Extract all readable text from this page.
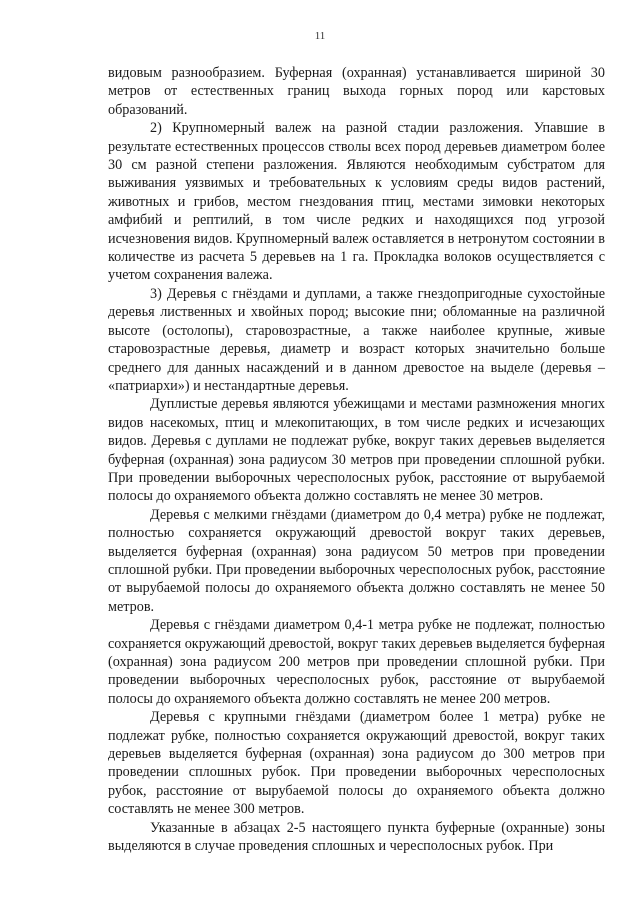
11

видовым разнообразием. Буферная (охранная) устанавливается шириной 30 метров от естественных границ выхода горных пород или карстовых образований.

2) Крупномерный валеж на разной стадии разложения. Упавшие в результате естественных процессов стволы всех пород деревьев диаметром более 30 см разной степени разложения. Являются необходимым субстратом для выживания уязвимых и требовательных к условиям среды видов растений, животных и грибов, местом гнездования птиц, местами зимовки некоторых амфибий и рептилий, в том числе редких и находящихся под угрозой исчезновения видов. Крупномерный валеж оставляется в нетронутом состоянии в количестве из расчета 5 деревьев на 1 га. Прокладка волоков осуществляется с учетом сохранения валежа.

3) Деревья с гнёздами и дуплами, а также гнездопригодные сухостойные деревья лиственных и хвойных пород; высокие пни; обломанные на различной высоте (остолопы), старовозрастные, а также наиболее крупные, живые старовозрастные деревья, диаметр и возраст которых значительно больше среднего для данных насаждений и в данном древостое на выделе (деревья – «патриархи») и нестандартные деревья.

Дуплистые деревья являются убежищами и местами размножения многих видов насекомых, птиц и млекопитающих, в том числе редких и исчезающих видов. Деревья с дуплами не подлежат рубке, вокруг таких деревьев выделяется буферная (охранная) зона радиусом 30 метров при проведении сплошной рубки. При проведении выборочных чересполосных рубок, расстояние от вырубаемой полосы до охраняемого объекта должно составлять не менее 30 метров.

Деревья с мелкими гнёздами (диаметром до 0,4 метра) рубке не подлежат, полностью сохраняется окружающий древостой вокруг таких деревьев, выделяется буферная (охранная) зона радиусом 50 метров при проведении сплошной рубки. При проведении выборочных чересполосных рубок, расстояние от вырубаемой полосы до охраняемого объекта должно составлять не менее 50 метров.

Деревья с гнёздами диаметром 0,4-1 метра рубке не подлежат, полностью сохраняется окружающий древостой, вокруг таких деревьев выделяется буферная (охранная) зона радиусом 200 метров при проведении сплошной рубки. При проведении выборочных чересполосных рубок, расстояние от вырубаемой полосы до охраняемого объекта должно составлять не менее 200 метров.

Деревья с крупными гнёздами (диаметром более 1 метра) рубке не подлежат рубке, полностью сохраняется окружающий древостой, вокруг таких деревьев выделяется буферная (охранная) зона радиусом до 300 метров при проведении сплошных рубок. При проведении выборочных чересполосных рубок, расстояние от вырубаемой полосы до охраняемого объекта должно составлять не менее 300 метров.

Указанные в абзацах 2-5 настоящего пункта буферные (охранные) зоны выделяются в случае проведения сплошных и чересполосных рубок. При
